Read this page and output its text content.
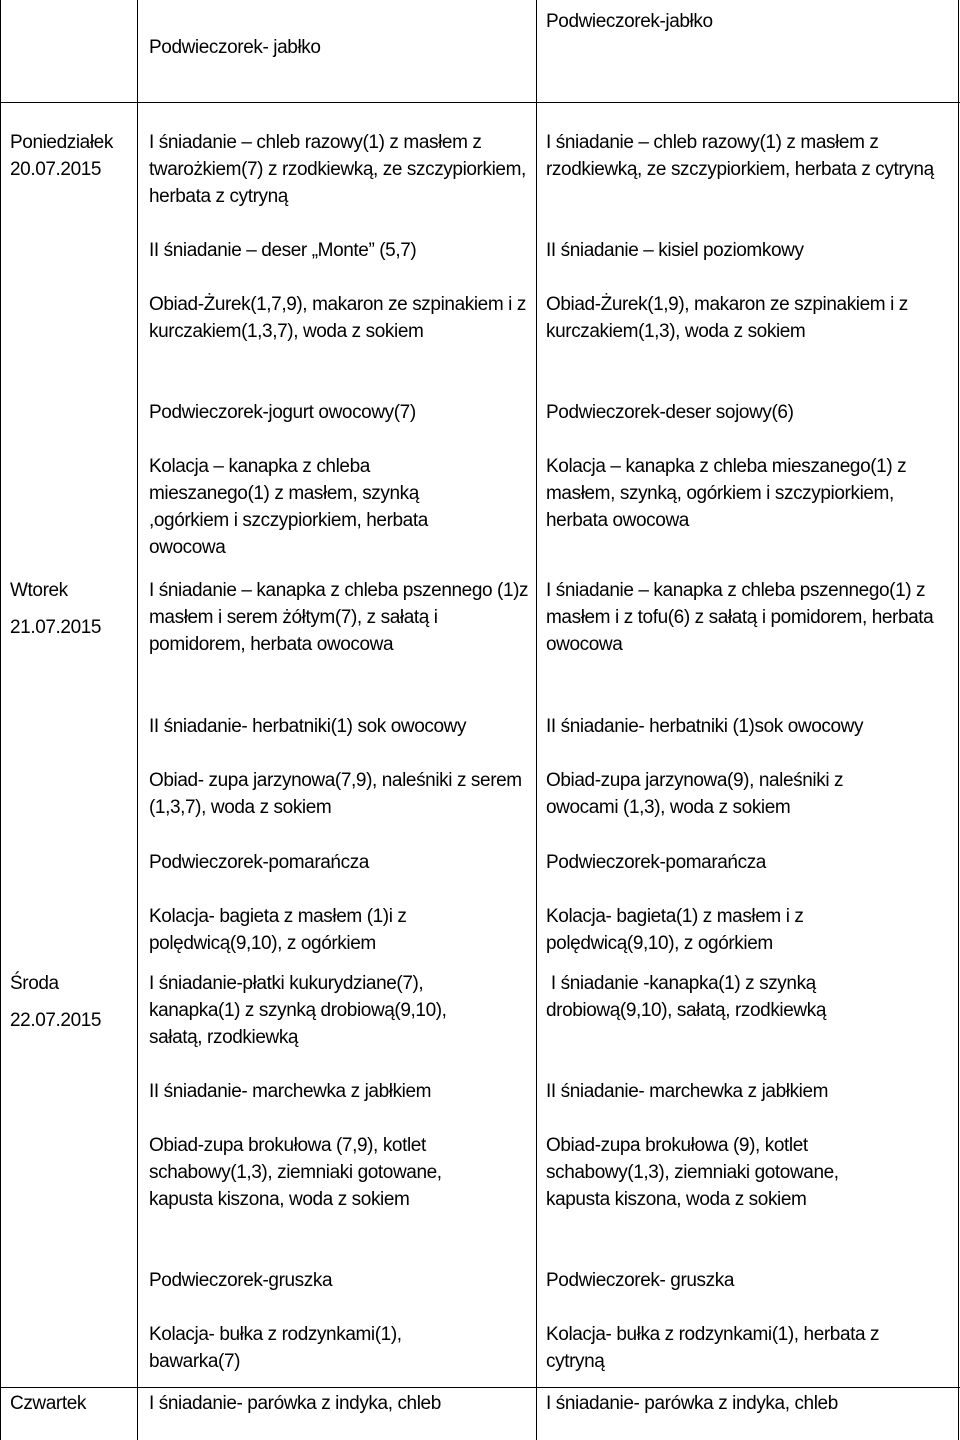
Podwieczorek- jabłko
Podwieczorek-jabłko
Poniedziałek
20.07.2015

I śniadanie – chleb razowy(1) z masłem z twarożkiem(7) z rzodkiewką, ze szczypiorkiem, herbata z cytryną

II śniadanie – deser „Monte” (5,7)

Obiad-Żurek(1,7,9), makaron ze szpinakiem i z kurczakiem(1,3,7), woda z sokiem

Podwieczorek-jogurt owocowy(7)

Kolacja – kanapka z chleba mieszanego(1) z masłem, szynką ,ogórkiem i szczypiorkiem, herbata owocowa

I śniadanie – chleb razowy(1) z masłem z rzodkiewką, ze szczypiorkiem, herbata z cytryną

II śniadanie – kisiel poziomkowy

Obiad-Żurek(1,9), makaron ze szpinakiem i z kurczakiem(1,3), woda z sokiem

Podwieczorek-deser sojowy(6)

Kolacja – kanapka z chleba mieszanego(1) z masłem, szynką, ogórkiem i szczypiorkiem, herbata owocowa

Wtorek
21.07.2015

I śniadanie – kanapka z chleba pszennego (1)z masłem i serem żółtym(7), z sałatą i pomidorem, herbata owocowa

II śniadanie- herbatniki(1) sok owocowy

Obiad- zupa jarzynowa(7,9), naleśniki z serem (1,3,7), woda z sokiem

Podwieczorek-pomarańcza

Kolacja- bagieta z masłem (1)i z polędwicą(9,10), z ogórkiem

I śniadanie – kanapka z chleba pszennego(1) z masłem i z tofu(6) z sałatą i pomidorem, herbata owocowa

II śniadanie- herbatniki (1)sok owocowy

Obiad-zupa jarzynowa(9), naleśniki z owocami (1,3), woda z sokiem

Podwieczorek-pomarańcza

Kolacja- bagieta(1) z masłem i z polędwicą(9,10), z ogórkiem

Środa
22.07.2015

I śniadanie-płatki kukurydziane(7), kanapka(1) z szynką drobiową(9,10), sałatą, rzodkiewką

II śniadanie- marchewka z jabłkiem

Obiad-zupa brokułowa (7,9), kotlet schabowy(1,3), ziemniaki gotowane, kapusta kiszona, woda z sokiem

Podwieczorek-gruszka

Kolacja- bułka z rodzynkami(1), bawarka(7)

I śniadanie -kanapka(1) z szynką drobiową(9,10), sałatą, rzodkiewką

II śniadanie- marchewka z jabłkiem

Obiad-zupa brokułowa (9), kotlet schabowy(1,3), ziemniaki gotowane, kapusta kiszona, woda z sokiem

Podwieczorek- gruszka

Kolacja- bułka z rodzynkami(1), herbata z cytryną

Czwartek	I śniadanie- parówka z indyka, chleb	I śniadanie- parówka z indyka, chleb
